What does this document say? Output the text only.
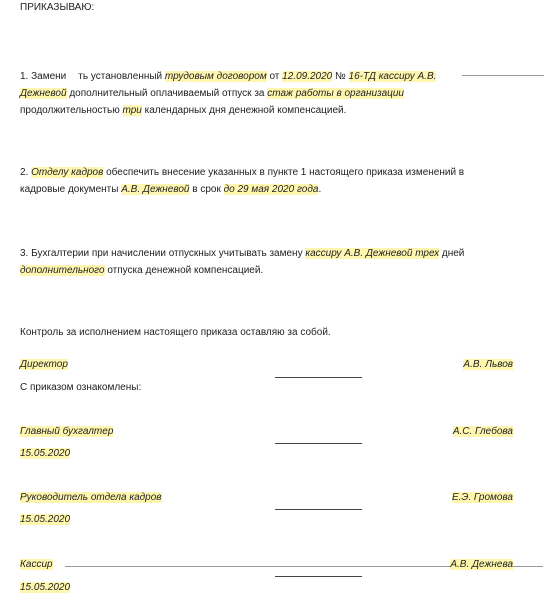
ПРИКАЗЫВАЮ:
1. Замени ть установленный трудовым договором от 12.09.2020 № 16-ТД кассиру А.В.
Дежневой дополнительный оплачиваемый отпуск за стаж работы в организации
продолжительностью три календарных дня денежной компенсацией.
2. Отделу кадров обеспечить внесение указанных в пункте 1 настоящего приказа изменений в
кадровые документы А.В. Дежневой в срок до 29 мая 2020 года.
3. Бухгалтерии при начислении отпускных учитывать замену кассиру А.В. Дежневой трех дней
дополнительного отпуска денежной компенсацией.
Контроль за исполнением настоящего приказа оставляю за собой.
Директор	А.В. Львов
С приказом ознакомлены:
Главный бухгалтер	А.С. Глебова
15.05.2020
Руководитель отдела кадров	Е.Э. Громова
15.05.2020
Кассир	А.В. Дежнева
15.05.2020
